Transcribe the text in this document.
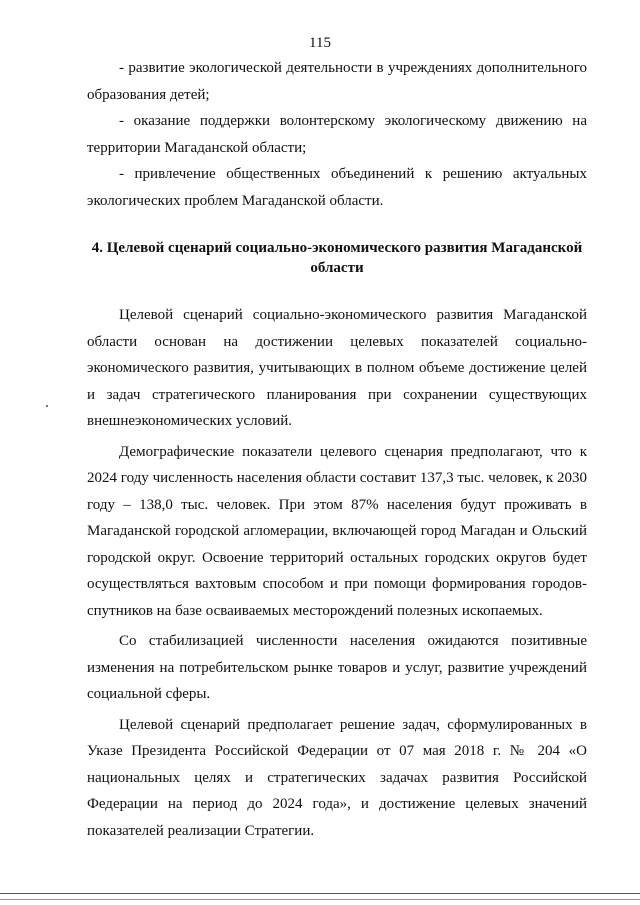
115

- развитие экологической деятельности в учреждениях дополнительного образования детей;

- оказание поддержки волонтерскому экологическому движению на территории Магаданской области;

- привлечение общественных объединений к решению актуальных экологических проблем Магаданской области.

4. Целевой сценарий социально-экономического развития Магаданской области

Целевой сценарий социально-экономического развития Магаданской области основан на достижении целевых показателей социально-экономического развития, учитывающих в полном объеме достижение целей и задач стратегического планирования при сохранении существующих внешнеэкономических условий.

Демографические показатели целевого сценария предполагают, что к 2024 году численность населения области составит 137,3 тыс. человек, к 2030 году – 138,0 тыс. человек. При этом 87% населения будут проживать в Магаданской городской агломерации, включающей город Магадан и Ольский городской округ. Освоение территорий остальных городских округов будет осуществляться вахтовым способом и при помощи формирования городов-спутников на базе осваиваемых месторождений полезных ископаемых.

Со стабилизацией численности населения ожидаются позитивные изменения на потребительском рынке товаров и услуг, развитие учреждений социальной сферы.

Целевой сценарий предполагает решение задач, сформулированных в Указе Президента Российской Федерации от 07 мая 2018 г. № 204 «О национальных целях и стратегических задачах развития Российской Федерации на период до 2024 года», и достижение целевых значений показателей реализации Стратегии.
